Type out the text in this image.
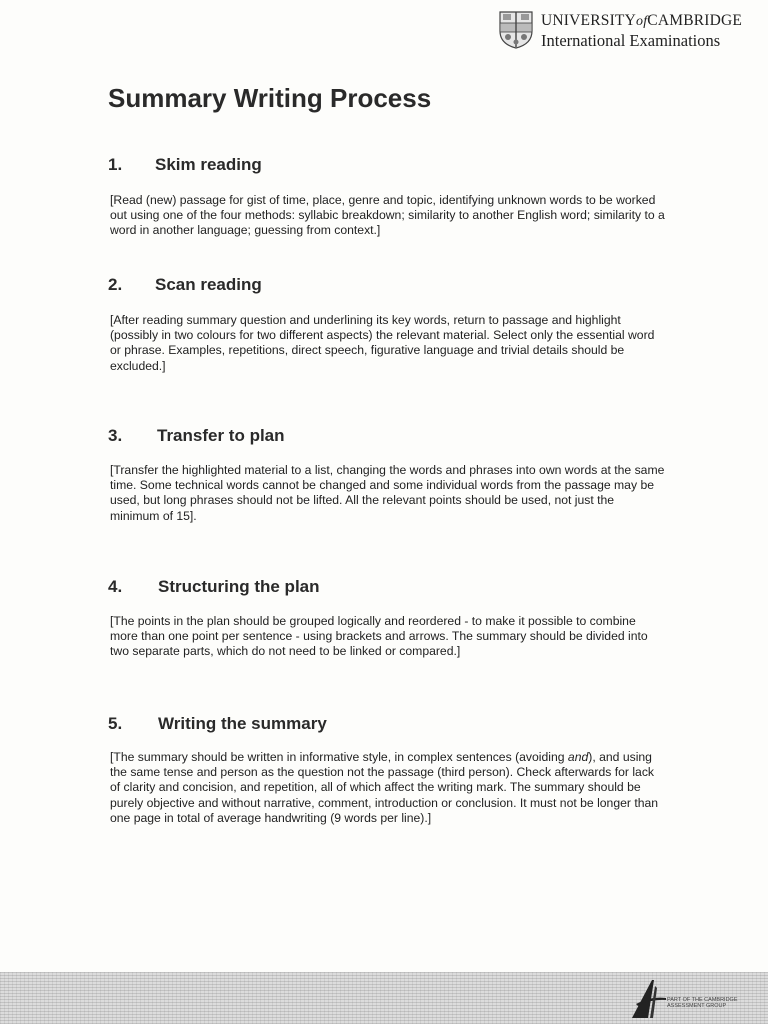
UNIVERSITYofCAMBRIDGE
International Examinations
Summary Writing Process
1. Skim reading
[Read (new) passage for gist of time, place, genre and topic, identifying unknown words to be worked out using one of the four methods: syllabic breakdown; similarity to another English word; similarity to a word in another language; guessing from context.]
2. Scan reading
[After reading summary question and underlining its key words, return to passage and highlight (possibly in two colours for two different aspects) the relevant material. Select only the essential word or phrase. Examples, repetitions, direct speech, figurative language and trivial details should be excluded.]
3. Transfer to plan
[Transfer the highlighted material to a list, changing the words and phrases into own words at the same time. Some technical words cannot be changed and some individual words from the passage may be used, but long phrases should not be lifted. All the relevant points should be used, not just the minimum of 15].
4. Structuring the plan
[The points in the plan should be grouped logically and reordered - to make it possible to combine more than one point per sentence - using brackets and arrows. The summary should be divided into two separate parts, which do not need to be linked or compared.]
5. Writing the summary
[The summary should be written in informative style, in complex sentences (avoiding and), and using the same tense and person as the question not the passage (third person). Check afterwards for lack of clarity and concision, and repetition, all of which affect the writing mark. The summary should be purely objective and without narrative, comment, introduction or conclusion. It must not be longer than one page in total of average handwriting (9 words per line).]
PART OF THE CAMBRIDGE ASSESSMENT GROUP
